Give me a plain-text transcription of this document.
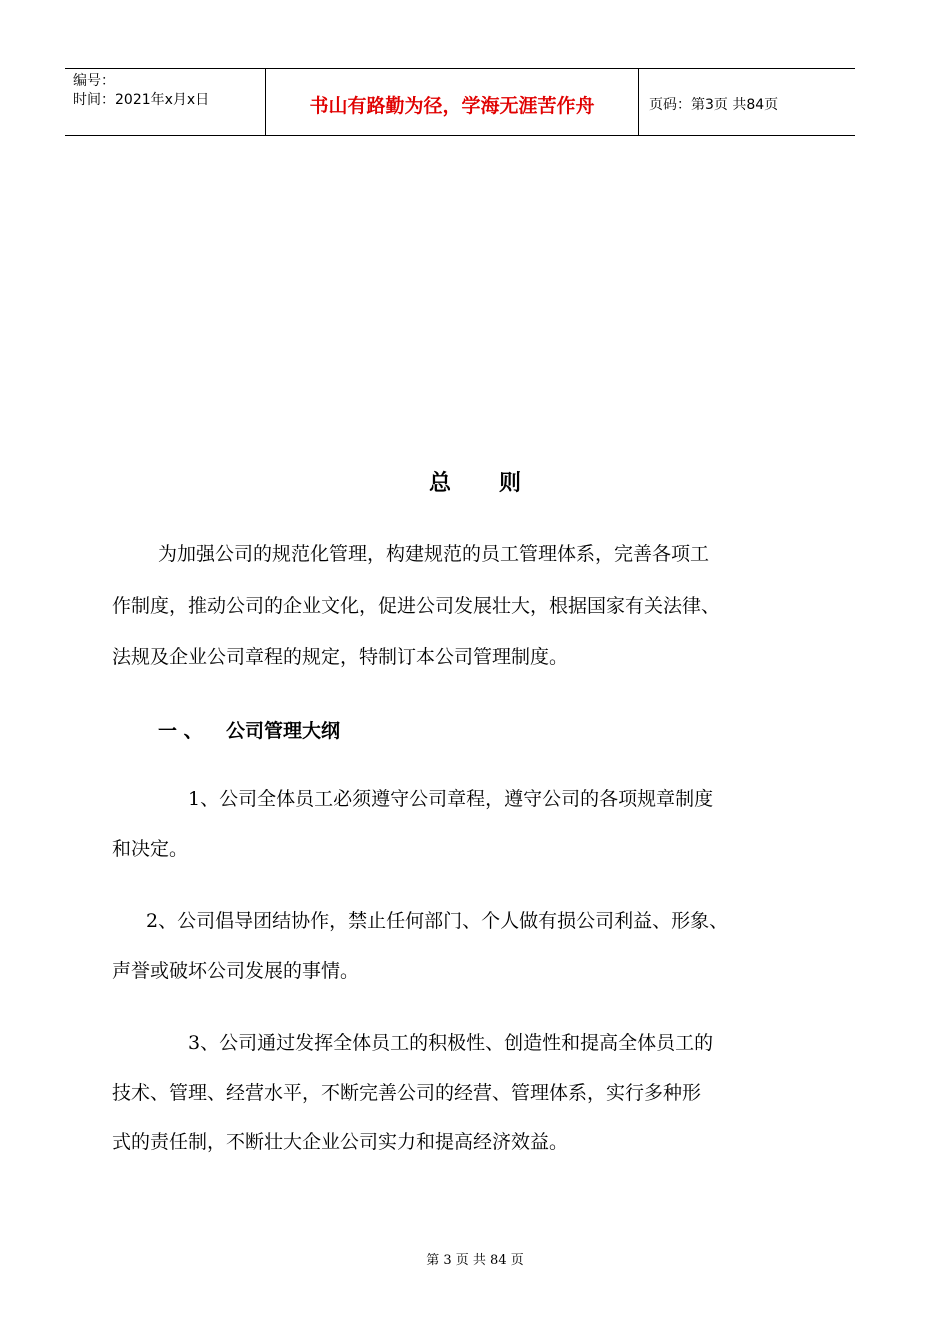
编号：
时间：2021年x月x日	书山有路勤为径，学海无涯苦作舟	页码：第3页 共84页
总则
为加强公司的规范化管理，构建规范的员工管理体系，完善各项工
作制度，推动公司的企业文化，促进公司发展壮大，根据国家有关法律、
法规及企业公司章程的规定，特制订本公司管理制度。
一 、 公司管理大纲
1、公司全体员工必须遵守公司章程，遵守公司的各项规章制度
和决定。
2、公司倡导团结协作，禁止任何部门、个人做有损公司利益、形象、
声誉或破坏公司发展的事情。
3、公司通过发挥全体员工的积极性、创造性和提高全体员工的
技术、管理、经营水平，不断完善公司的经营、管理体系，实行多种形
式的责任制，不断壮大企业公司实力和提高经济效益。
第 3 页 共 84 页
